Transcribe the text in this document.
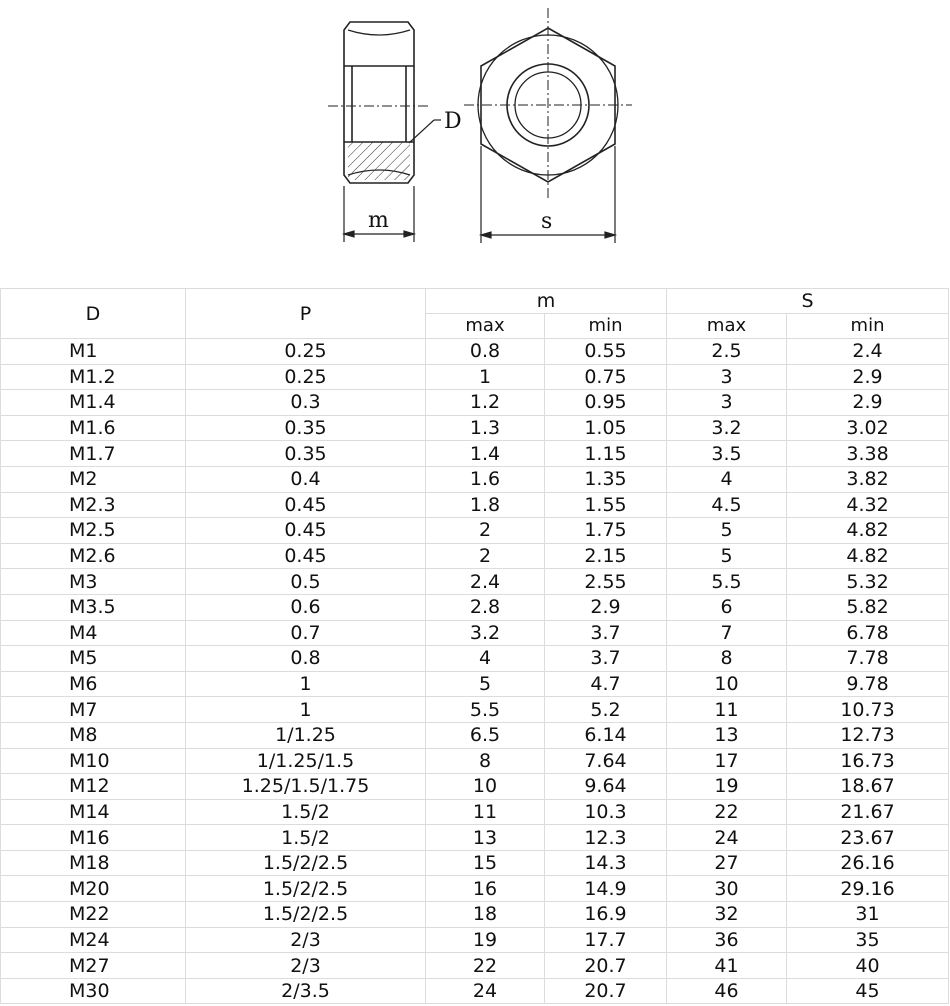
D
m	s
D	P	m		S	
		max	min	max	min
M1	0.25	0.8	0.55	2.5	2.4
M1.2	0.25	1	0.75	3	2.9
M1.4	0.3	1.2	0.95	3	2.9
M1.6	0.35	1.3	1.05	3.2	3.02
M1.7	0.35	1.4	1.15	3.5	3.38
M2	0.4	1.6	1.35	4	3.82
M2.3	0.45	1.8	1.55	4.5	4.32
M2.5	0.45	2	1.75	5	4.82
M2.6	0.45	2	2.15	5	4.82
M3	0.5	2.4	2.55	5.5	5.32
M3.5	0.6	2.8	2.9	6	5.82
M4	0.7	3.2	3.7	7	6.78
M5	0.8	4	3.7	8	7.78
M6	1	5	4.7	10	9.78
M7	1	5.5	5.2	11	10.73
M8	1/1.25	6.5	6.14	13	12.73
M10	1/1.25/1.5	8	7.64	17	16.73
M12	1.25/1.5/1.75	10	9.64	19	18.67
M14	1.5/2	11	10.3	22	21.67
M16	1.5/2	13	12.3	24	23.67
M18	1.5/2/2.5	15	14.3	27	26.16
M20	1.5/2/2.5	16	14.9	30	29.16
M22	1.5/2/2.5	18	16.9	32	31
M24	2/3	19	17.7	36	35
M27	2/3	22	20.7	41	40
M30	2/3.5	24	20.7	46	45
